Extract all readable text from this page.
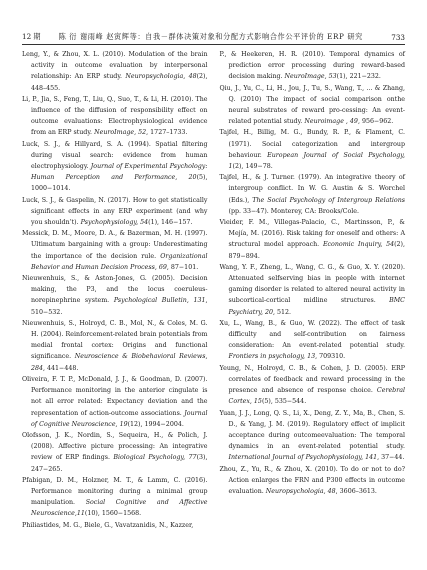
12 期	陈 衍 谢雨峰 赵寅辉等：自我－群体决策对象和分配方式影响合作公平评价的 ERP 研究	733

Leng, Y., & Zhou, X. L. (2010). Modulation of the brain activity in outcome evaluation by interpersonal relationship: An ERP study. Neuropsychologia, 48(2), 448–455.

Li, P., Jia, S., Feng, T., Liu, Q., Suo, T., & Li, H. (2010). The influence of the diffusion of responsibility effect on outcome evaluations: Electrophysiological evidence from an ERP study. NeuroImage, 52, 1727–1733.

Luck, S. J., & Hillyard, S. A. (1994). Spatial filtering during visual search: evidence from human electrophysiology. Journal of Experimental Psychology: Human Perception and Performance, 20(5), 1000−1014.

Luck, S. J., & Gaspelin, N. (2017). How to get statistically significant effects in any ERP experiment (and why you shouldn’t). Psychophysiology, 54(1), 146−157.

Messick, D. M., Moore, D. A., & Bazerman, M. H. (1997). Ultimatum bargaining with a group: Underestimating the importance of the decision rule. Organizational Behavior and Human Decision Process, 69, 87−101.

Nieuwenhuis, S., & Aston-Jones, G. (2005). Decision making, the P3, and the locus coeruleus-norepinephrine system. Psychological Bulletin, 131, 510−532.

Nieuwenhuis, S., Holroyd, C. B., Mol, N., & Coles, M. G. H. (2004). Reinforcement-related brain potentials from medial frontal cortex: Origins and functional significance. Neuroscience & Biobehavioral Reviews, 284, 441−448.

Oliveira, F. T. P., McDonald, J. J., & Goodman, D. (2007). Performance monitoring in the anterior cingulate is not all error related: Expectancy deviation and the representation of action-outcome associations. Journal of Cognitive Neuroscience, 19(12), 1994−2004.

Olofsson, J. K., Nordin, S., Sequeira, H., & Polich, J. (2008). Affective picture processing: An integrative review of ERP findings. Biological Psychology, 77(3), 247−265.

Pfabigan, D. M., Holzner, M. T., & Lamm, C. (2016). Performance monitoring during a minimal group manipulation. Social Cognitive and Affective Neuroscience,11(10), 1560−1568.

Philiastides, M. G., Biele, G., Vavatzanidis, N., Kazzer,

P., & Heekeren, H. R. (2010). Temporal dynamics of prediction error processing during reward-based decision making. NeuroImage, 53(1), 221−232.

Qiu, J., Yu, C., Li, H., Jou, J., Tu, S., Wang, T., ... & Zhang, Q. (2010) The impact of social comparison onthe neural substrates of reward pro-cessing: An event-related potential study. Neuroimage , 49, 956−962.

Tajfel, H., Billig, M. G., Bundy, R. P., & Flament, C. (1971). Social categorization and intergroup behaviour. European Journal of Social Psychology, 1(2), 149−78.

Tajfel, H., & J. Turner. (1979). An integrative theory of intergroup conflict. In W. G. Austin & S. Worchel (Eds.), The Social Psychology of Intergroup Relations (pp. 33−47). Monterey, CA: Brooks/Cole.

Vieider, F. M., Villegas-Palacio, C., Martinsson, P., & Mejía, M. (2016). Risk taking for oneself and others: A structural model approach. Economic Inquiry, 54(2), 879−894.

Wang, Y. F., Zheng, L., Wang, C. G., & Guo, X. Y. (2020). Attenuated selfserving bias in people with internet gaming disorder is related to altered neural activity in subcortical-cortical midline structures. BMC Psychiatry, 20, 512.

Xu, L., Wang, B., & Guo, W. (2022). The effect of task difficulty and self-contribution on fairness consideration: An event-related potential study. Frontiers in psychology, 13, 709310.

Yeung, N., Holroyd, C. B., & Cohen, J. D. (2005). ERP correlates of feedback and reward processing in the presence and absence of response choice. Cerebral Cortex, 15(5), 535−544.

Yuan, J. J., Long, Q. S., Li, X., Deng, Z. Y., Ma, B., Chen, S. D., & Yang, J. M. (2019). Regulatory effect of implicit acceptance during outcomeevaluation: The temporal dynamics in an event-related potential study. International Journal of Psychophysiology, 141, 37−44.

Zhou, Z., Yu, R., & Zhou, X. (2010). To do or not to do? Action enlarges the FRN and P300 effects in outcome evaluation. Neuropsychologia, 48, 3606–3613.
